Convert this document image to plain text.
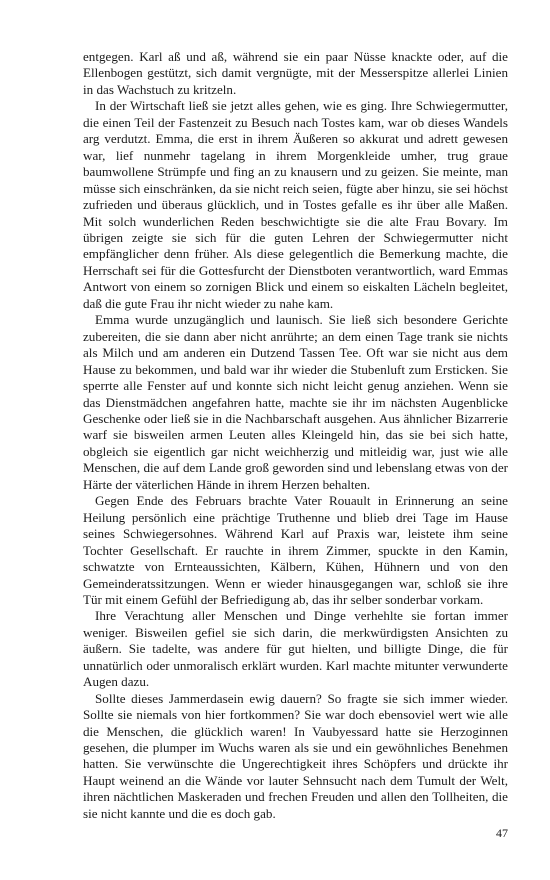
entgegen. Karl aß und aß, während sie ein paar Nüsse knackte oder, auf die Ellenbogen gestützt, sich damit vergnügte, mit der Messerspitze allerlei Linien in das Wachstuch zu kritzeln.

In der Wirtschaft ließ sie jetzt alles gehen, wie es ging. Ihre Schwiegermutter, die einen Teil der Fastenzeit zu Besuch nach Tostes kam, war ob dieses Wandels arg verdutzt. Emma, die erst in ihrem Äußeren so akkurat und adrett gewesen war, lief nunmehr tagelang in ihrem Morgenkleide umher, trug graue baumwollene Strümpfe und fing an zu knausern und zu geizen. Sie meinte, man müsse sich einschränken, da sie nicht reich seien, fügte aber hinzu, sie sei höchst zufrieden und überaus glücklich, und in Tostes gefalle es ihr über alle Maßen. Mit solch wunderlichen Reden beschwichtigte sie die alte Frau Bovary. Im übrigen zeigte sie sich für die guten Lehren der Schwiegermutter nicht empfänglicher denn früher. Als diese gelegentlich die Bemerkung machte, die Herrschaft sei für die Gottesfurcht der Dienstboten verantwortlich, ward Emmas Antwort von einem so zornigen Blick und einem so eiskalten Lächeln begleitet, daß die gute Frau ihr nicht wieder zu nahe kam.

Emma wurde unzugänglich und launisch. Sie ließ sich besondere Gerichte zubereiten, die sie dann aber nicht anrührte; an dem einen Tage trank sie nichts als Milch und am anderen ein Dutzend Tassen Tee. Oft war sie nicht aus dem Hause zu bekommen, und bald war ihr wieder die Stubenluft zum Ersticken. Sie sperrte alle Fenster auf und konnte sich nicht leicht genug anziehen. Wenn sie das Dienstmädchen angefahren hatte, machte sie ihr im nächsten Augenblicke Geschenke oder ließ sie in die Nachbarschaft ausgehen. Aus ähnlicher Bizarrerie warf sie bisweilen armen Leuten alles Kleingeld hin, das sie bei sich hatte, obgleich sie eigentlich gar nicht weichherzig und mitleidig war, just wie alle Menschen, die auf dem Lande groß geworden sind und lebenslang etwas von der Härte der väterlichen Hände in ihrem Herzen behalten.

Gegen Ende des Februars brachte Vater Rouault in Erinnerung an seine Heilung persönlich eine prächtige Truthenne und blieb drei Tage im Hause seines Schwiegersohnes. Während Karl auf Praxis war, leistete ihm seine Tochter Gesellschaft. Er rauchte in ihrem Zimmer, spuckte in den Kamin, schwatzte von Ernteaussichten, Kälbern, Kühen, Hühnern und von den Gemeinderatssitzungen. Wenn er wieder hinausgegangen war, schloß sie ihre Tür mit einem Gefühl der Befriedigung ab, das ihr selber sonderbar vorkam.

Ihre Verachtung aller Menschen und Dinge verhehlte sie fortan immer weniger. Bisweilen gefiel sie sich darin, die merkwürdigsten Ansichten zu äußern. Sie tadelte, was andere für gut hielten, und billigte Dinge, die für unnatürlich oder unmoralisch erklärt wurden. Karl machte mitunter verwunderte Augen dazu.

Sollte dieses Jammerdasein ewig dauern? So fragte sie sich immer wieder. Sollte sie niemals von hier fortkommen? Sie war doch ebensoviel wert wie alle die Menschen, die glücklich waren! In Vaubyessard hatte sie Herzoginnen gesehen, die plumper im Wuchs waren als sie und ein gewöhnliches Benehmen hatten. Sie verwünschte die Ungerechtigkeit ihres Schöpfers und drückte ihr Haupt weinend an die Wände vor lauter Sehnsucht nach dem Tumult der Welt, ihren nächtlichen Maskeraden und frechen Freuden und allen den Tollheiten, die sie nicht kannte und die es doch gab.

47
